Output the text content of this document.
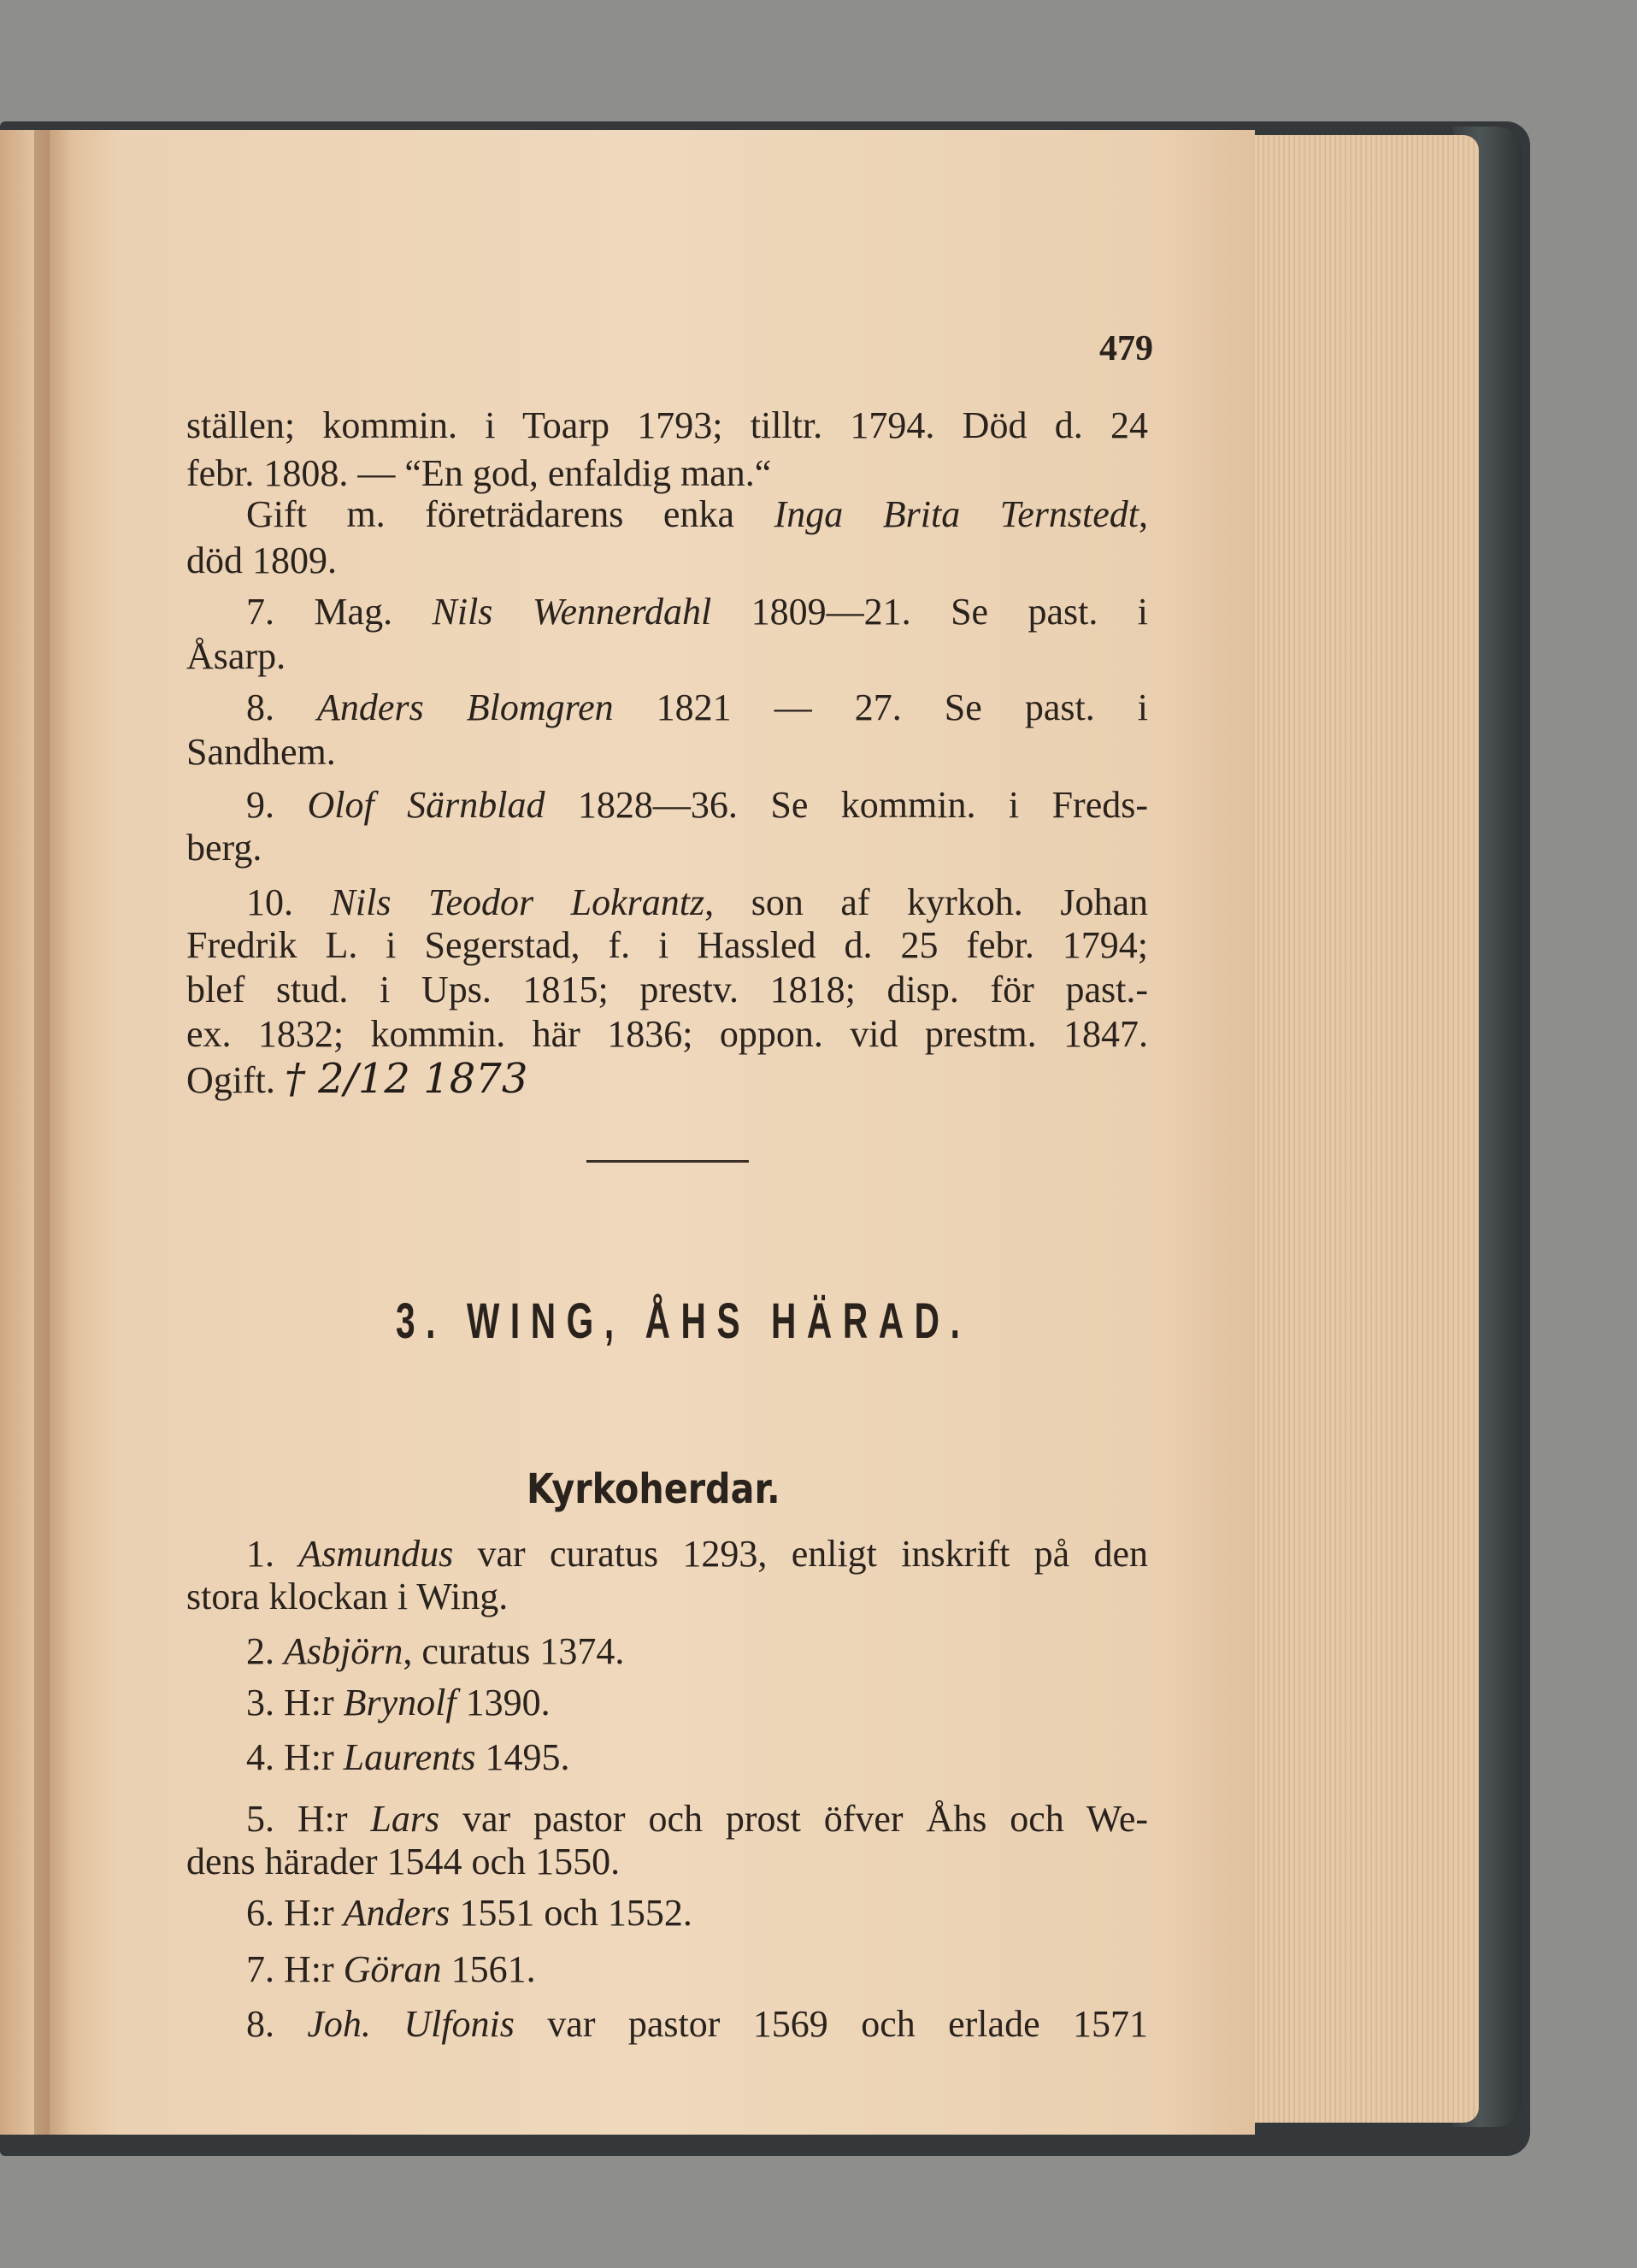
479
ställen; kommin. i Toarp 1793; tilltr. 1794. Död d. 24
febr. 1808. — “En god, enfaldig man.“
Gift m. företrädarens enka Inga Brita Ternstedt,
död 1809.
7. Mag. Nils Wennerdahl 1809—21. Se past. i
Åsarp.
8. Anders Blomgren 1821 — 27. Se past. i
Sandhem.
9. Olof Särnblad 1828—36. Se kommin. i Freds-
berg.
10. Nils Teodor Lokrantz, son af kyrkoh. Johan
Fredrik L. i Segerstad, f. i Hassled d. 25 febr. 1794;
blef stud. i Ups. 1815; prestv. 1818; disp. för past.-
ex. 1832; kommin. här 1836; oppon. vid prestm. 1847.
Ogift. † 2/12 1873
3. WING, ÅHS HÄRAD.
Kyrkoherdar.
1. Asmundus var curatus 1293, enligt inskrift på den
stora klockan i Wing.
2. Asbjörn, curatus 1374.
3. H:r Brynolf 1390.
4. H:r Laurents 1495.
5. H:r Lars var pastor och prost öfver Åhs och We-
dens härader 1544 och 1550.
6. H:r Anders 1551 och 1552.
7. H:r Göran 1561.
8. Joh. Ulfonis var pastor 1569 och erlade 1571
